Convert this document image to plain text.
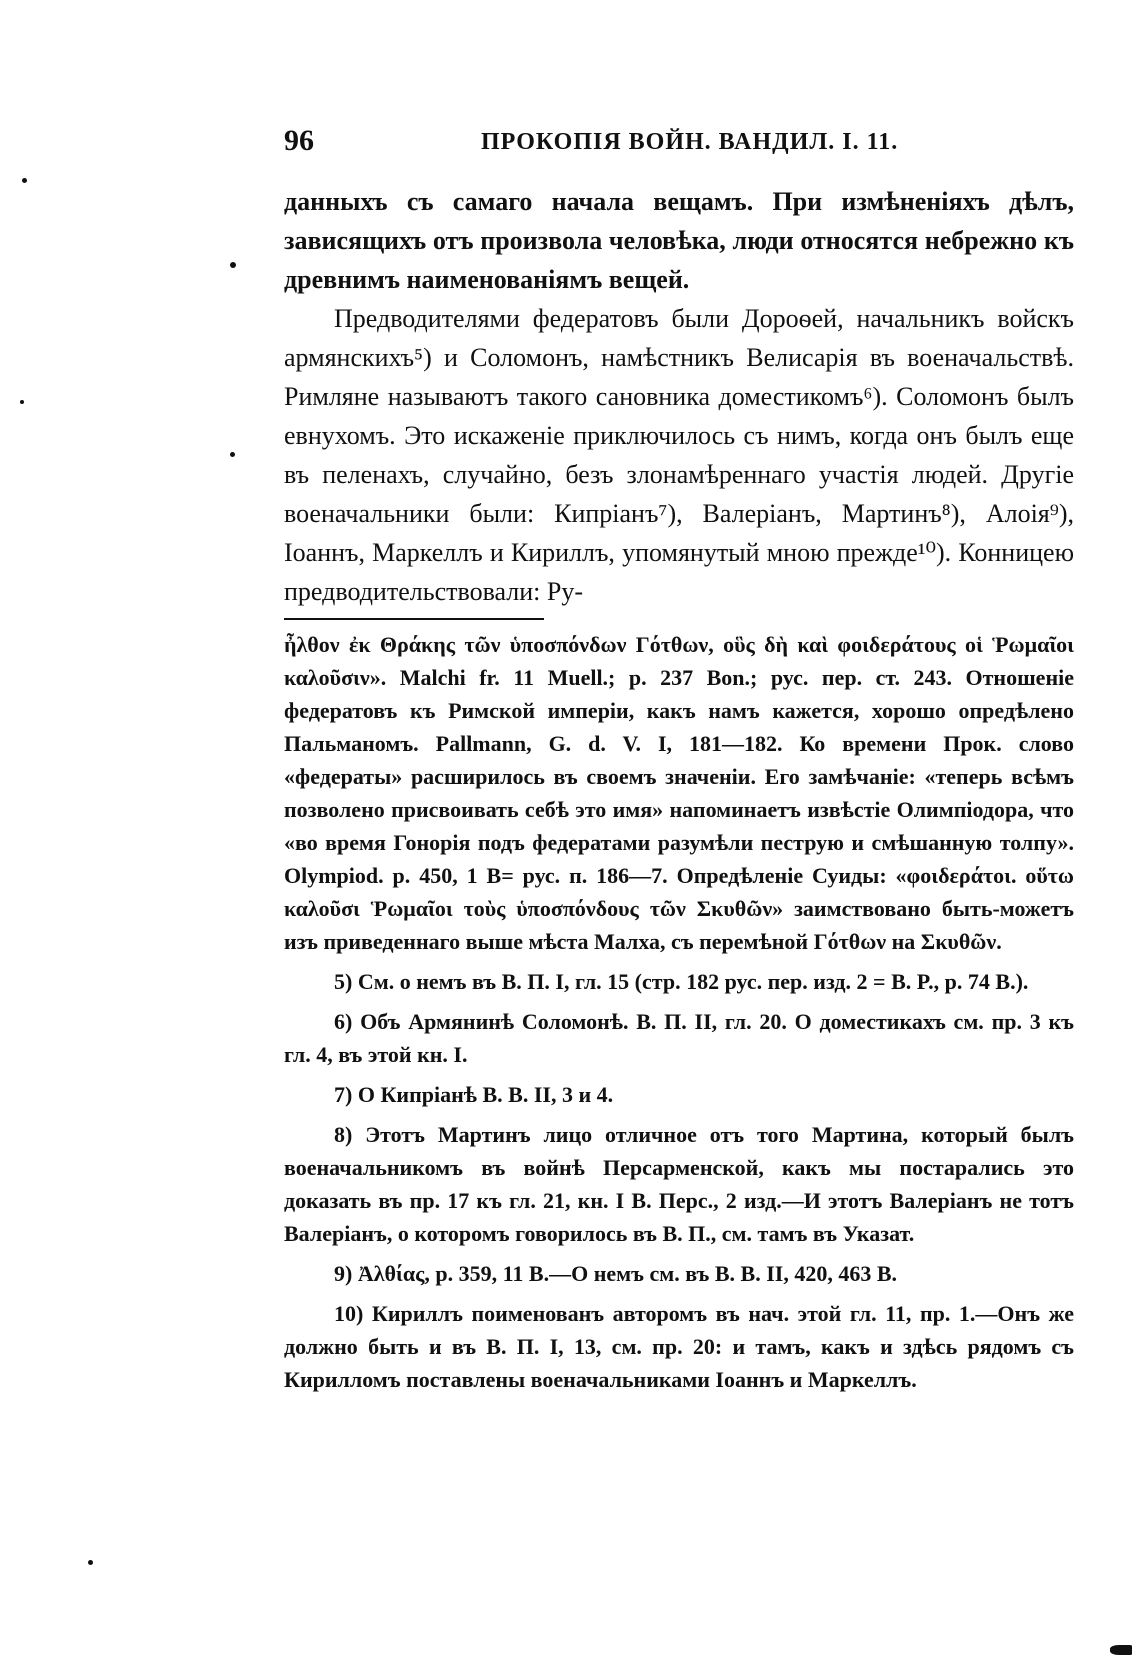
96	ПРОКОПІЯ ВОЙН. ВАНДИЛ. I. 11.

данныхъ съ самаго начала вещамъ. При измѣненіяхъ дѣлъ, зависящихъ отъ произвола человѣка, люди относятся небрежно къ древнимъ наименованіямъ вещей.

Предводителями федератовъ были Дороѳей, начальникъ войскъ армянскихъ⁵) и Соломонъ, намѣстникъ Велисарія въ военачальствѣ. Римляне называютъ такого сановника доместикомъ⁶). Соломонъ былъ евнухомъ. Это искаженіе приключилось съ нимъ, когда онъ былъ еще въ пеленахъ, случайно, безъ злонамѣреннаго участія людей. Другіе военачальники были: Кипріанъ⁷), Валеріанъ, Мартинъ⁸), Алоія⁹), Іоаннъ, Маркеллъ и Кириллъ, упомянутый мною прежде¹⁰). Конницею предводительствовали: Ру-

ἦλθον ἐκ Θράκης τῶν ὑποσπόνδων Γότθων, οὓς δὴ καὶ φοιδεράτους οἱ Ῥωμαῖοι καλοῦσιν». Malchi fr. 11 Muell.; p. 237 Bon.; рус. пер. ст. 243. Отношеніе федератовъ къ Римской имперіи, какъ намъ кажется, хорошо опредѣлено Пальманомъ. Pallmann, G. d. V. I, 181—182. Ко времени Прок. слово «федераты» расширилось въ своемъ значеніи. Его замѣчаніе: «теперь всѣмъ позволено присвоивать себѣ это имя» напоминаетъ извѣстіе Олимпіодора, что «во время Гонорія подъ федератами разумѣли пеструю и смѣшанную толпу». Olympiod. p. 450, 1 B= рус. п. 186—7. Опредѣленіе Суиды: «φοιδεράτοι. οὕτω καλοῦσι Ῥωμαῖοι τοὺς ὑποσπόνδους τῶν Σκυθῶν» заимствовано быть-можетъ изъ приведеннаго выше мѣста Малха, съ перемѣной Γότθων на Σκυθῶν.

5) См. о немъ въ В. П. I, гл. 15 (стр. 182 рус. пер. изд. 2 = В. P., p. 74 B.).

6) Объ Армянинѣ Соломонѣ. В. П. II, гл. 20. О доместикахъ см. пр. 3 къ гл. 4, въ этой кн. I.

7) О Кипріанѣ В. В. II, 3 и 4.

8) Этотъ Мартинъ лицо отличное отъ того Мартина, который былъ военачальникомъ въ войнѣ Персарменской, какъ мы постарались это доказать въ пр. 17 къ гл. 21, кн. I В. Перс., 2 изд.—И этотъ Валеріанъ не тотъ Валеріанъ, о которомъ говорилось въ В. П., см. тамъ въ Указат.

9) Ἀλθίας, p. 359, 11 B.—О немъ см. въ В. В. II, 420, 463 B.

10) Кириллъ поименованъ авторомъ въ нач. этой гл. 11, пр. 1.—Онъ же должно быть и въ В. П. I, 13, см. пр. 20: и тамъ, какъ и здѣсь рядомъ съ Кирилломъ поставлены военачальниками Іоаннъ и Маркеллъ.
